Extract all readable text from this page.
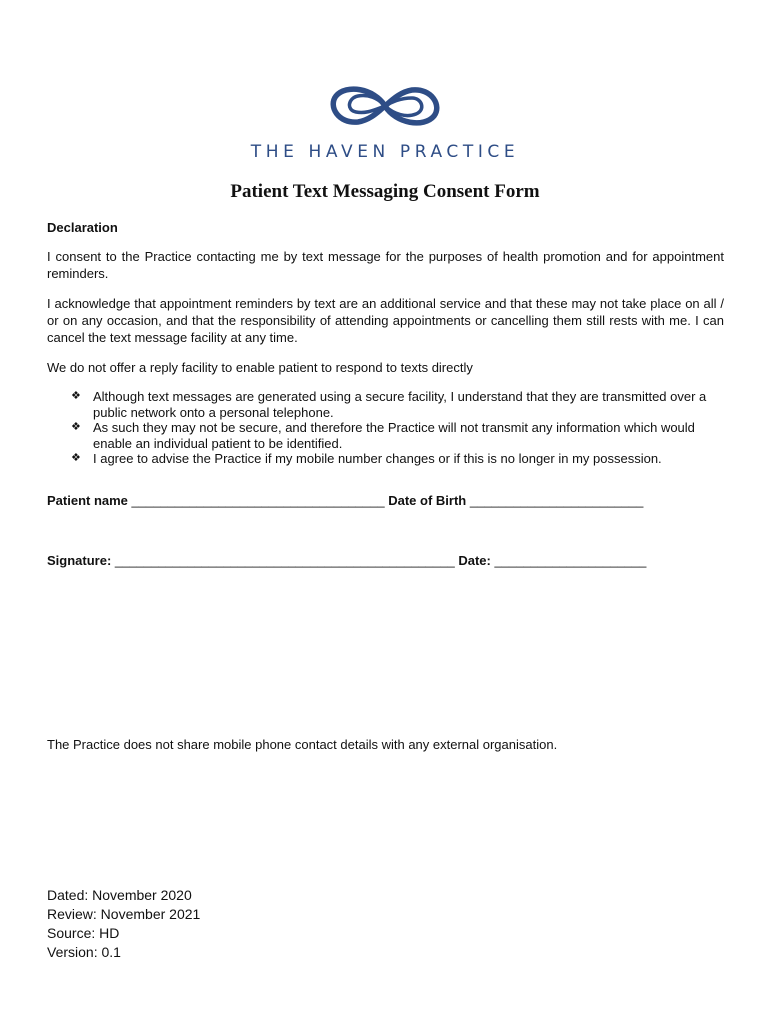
THE HAVEN PRACTICE
Patient Text Messaging Consent Form

Declaration

I consent to the Practice contacting me by text message for the purposes of health promotion and for appointment reminders.

I acknowledge that appointment reminders by text are an additional service and that these may not take place on all / or on any occasion, and that the responsibility of attending appointments or cancelling them still rests with me. I can cancel the text message facility at any time.

We do not offer a reply facility to enable patient to respond to texts directly

❖ Although text messages are generated using a secure facility, I understand that they are transmitted over a public network onto a personal telephone.
❖ As such they may not be secure, and therefore the Practice will not transmit any information which would enable an individual patient to be identified.
❖ I agree to advise the Practice if my mobile number changes or if this is no longer in my possession.
Patient name ___________________________________ Date of Birth ________________________
Signature: _______________________________________________ Date: _____________________
The Practice does not share mobile phone contact details with any external organisation.
Dated: November 2020
Review: November 2021
Source: HD
Version: 0.1
